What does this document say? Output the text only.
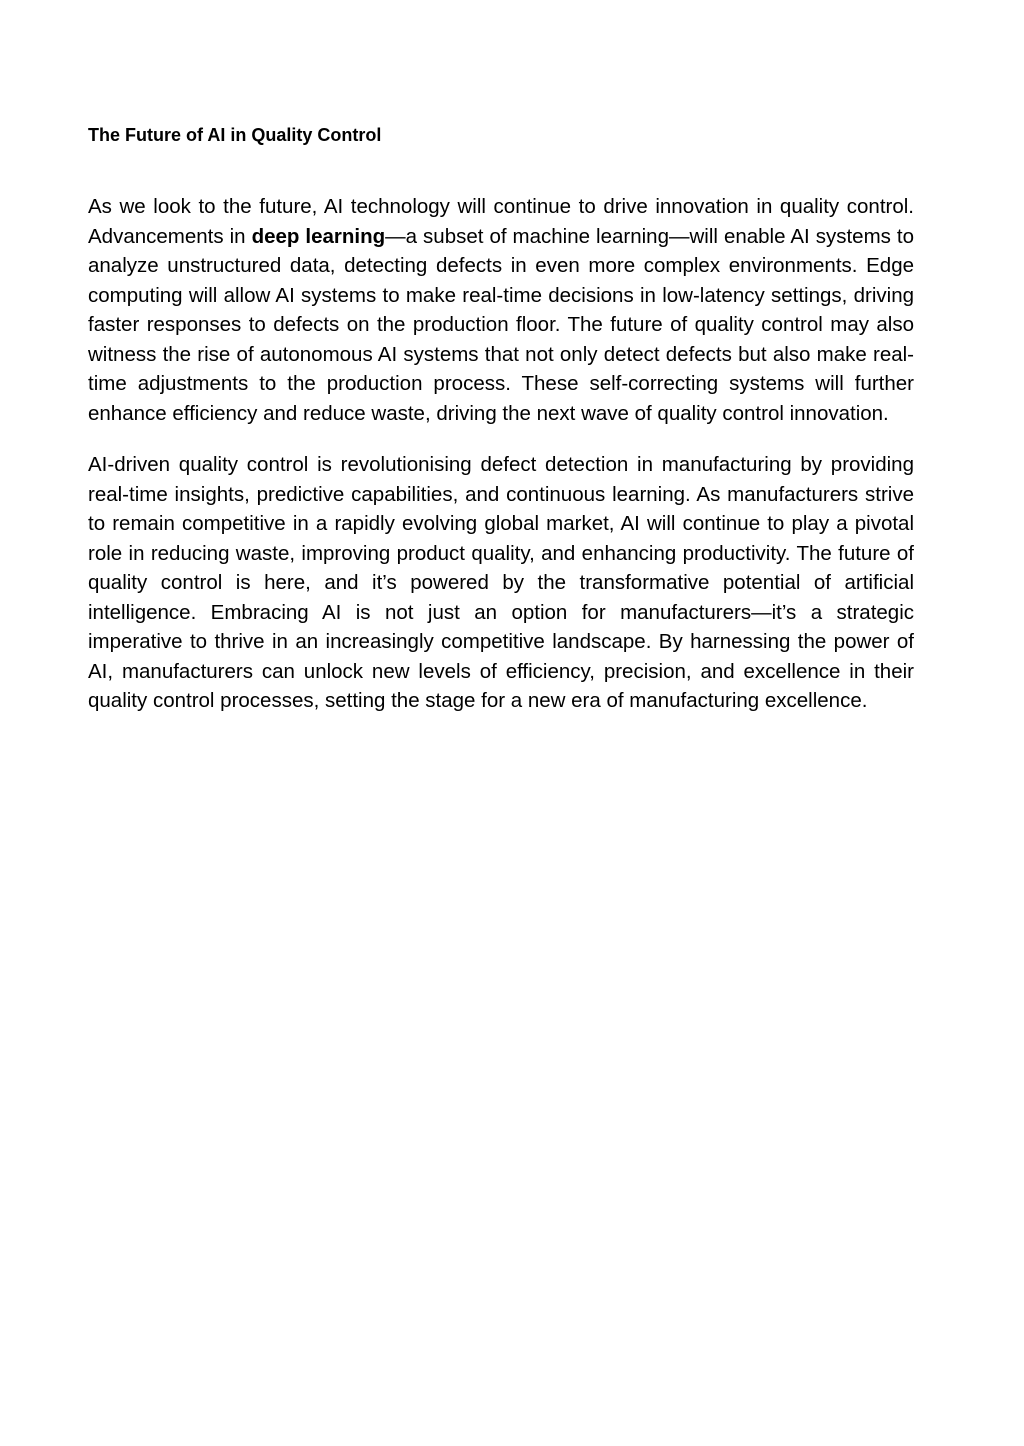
The Future of AI in Quality Control

As we look to the future, AI technology will continue to drive innovation in quality control. Advancements in deep learning—a subset of machine learning—will enable AI systems to analyze unstructured data, detecting defects in even more complex environments. Edge computing will allow AI systems to make real-time decisions in low-latency settings, driving faster responses to defects on the production floor. The future of quality control may also witness the rise of autonomous AI systems that not only detect defects but also make real-time adjustments to the production process. These self-correcting systems will further enhance efficiency and reduce waste, driving the next wave of quality control innovation.

AI-driven quality control is revolutionising defect detection in manufacturing by providing real-time insights, predictive capabilities, and continuous learning. As manufacturers strive to remain competitive in a rapidly evolving global market, AI will continue to play a pivotal role in reducing waste, improving product quality, and enhancing productivity. The future of quality control is here, and it’s powered by the transformative potential of artificial intelligence. Embracing AI is not just an option for manufacturers—it’s a strategic imperative to thrive in an increasingly competitive landscape. By harnessing the power of AI, manufacturers can unlock new levels of efficiency, precision, and excellence in their quality control processes, setting the stage for a new era of manufacturing excellence.
